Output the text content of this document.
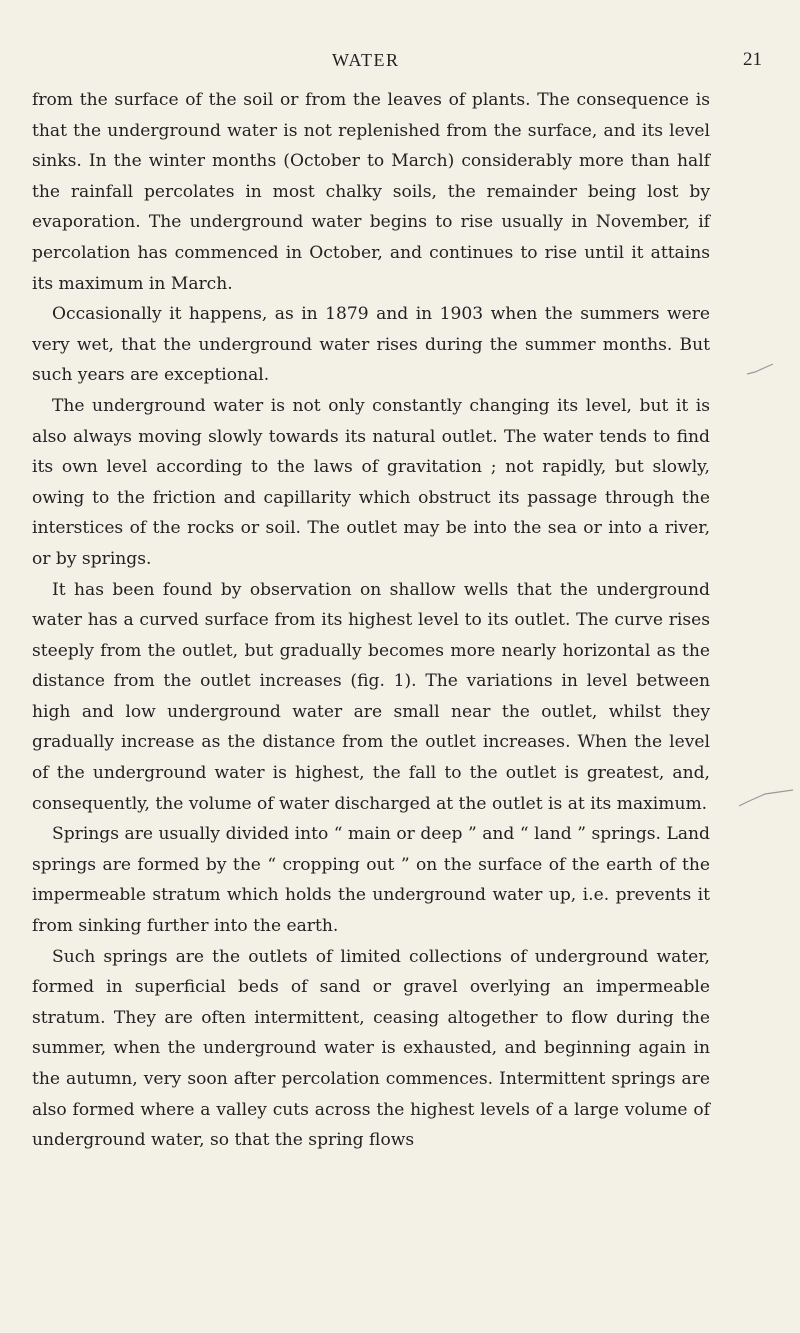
WATER	21

from the surface of the soil or from the leaves of plants. The consequence is that the underground water is not replenished from the surface, and its level sinks. In the winter months (October to March) considerably more than half the rainfall percolates in most chalky soils, the remainder being lost by evaporation. The underground water begins to rise usually in November, if percolation has commenced in October, and continues to rise until it attains its maximum in March.

Occasionally it happens, as in 1879 and in 1903 when the summers were very wet, that the underground water rises during the summer months. But such years are exceptional.

The underground water is not only constantly changing its level, but it is also always moving slowly towards its natural outlet. The water tends to find its own level according to the laws of gravitation ; not rapidly, but slowly, owing to the friction and capillarity which obstruct its passage through the interstices of the rocks or soil. The outlet may be into the sea or into a river, or by springs.

It has been found by observation on shallow wells that the underground water has a curved surface from its highest level to its outlet. The curve rises steeply from the outlet, but gradually becomes more nearly horizontal as the distance from the outlet increases (fig. 1). The variations in level between high and low underground water are small near the outlet, whilst they gradually increase as the distance from the outlet increases. When the level of the underground water is highest, the fall to the outlet is greatest, and, consequently, the volume of water discharged at the outlet is at its maximum.

Springs are usually divided into “ main or deep ” and “ land ” springs. Land springs are formed by the “ cropping out ” on the surface of the earth of the impermeable stratum which holds the underground water up, i.e. prevents it from sinking further into the earth.

Such springs are the outlets of limited collections of underground water, formed in superficial beds of sand or gravel overlying an impermeable stratum. They are often intermittent, ceasing altogether to flow during the summer, when the underground water is exhausted, and beginning again in the autumn, very soon after percolation commences. Intermittent springs are also formed where a valley cuts across the highest levels of a large volume of underground water, so that the spring flows
